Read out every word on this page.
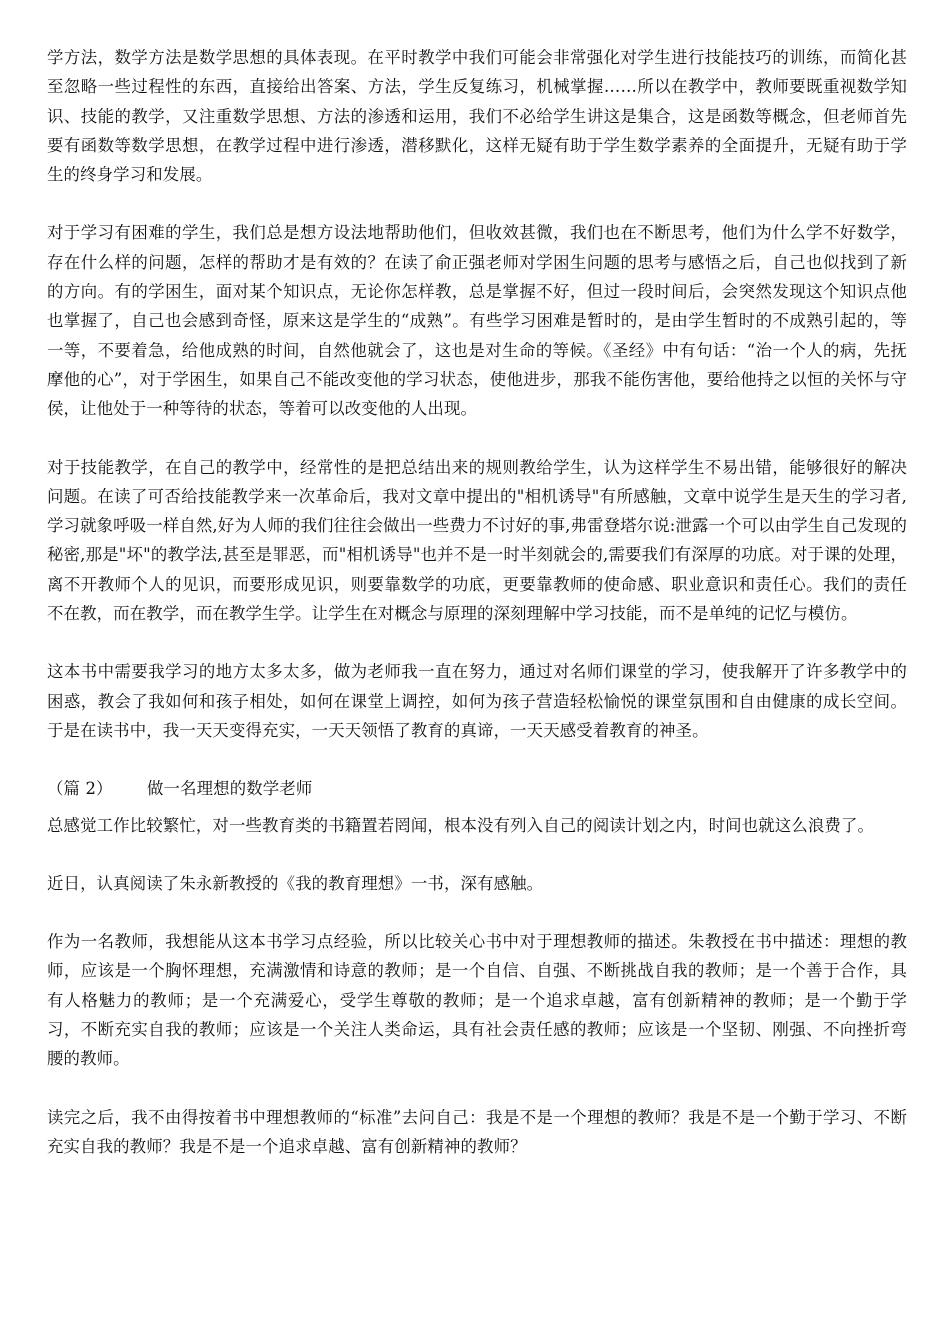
学方法，数学方法是数学思想的具体表现。在平时教学中我们可能会非常强化对学生进行技能技巧的训练，而简化甚至忽略一些过程性的东西，直接给出答案、方法，学生反复练习，机械掌握……所以在教学中，教师要既重视数学知识、技能的教学，又注重数学思想、方法的渗透和运用，我们不必给学生讲这是集合，这是函数等概念，但老师首先要有函数等数学思想，在教学过程中进行渗透，潜移默化，这样无疑有助于学生数学素养的全面提升，无疑有助于学生的终身学习和发展。

对于学习有困难的学生，我们总是想方设法地帮助他们，但收效甚微，我们也在不断思考，他们为什么学不好数学，存在什么样的问题，怎样的帮助才是有效的？在读了俞正强老师对学困生问题的思考与感悟之后，自己也似找到了新的方向。有的学困生，面对某个知识点，无论你怎样教，总是掌握不好，但过一段时间后，会突然发现这个知识点他也掌握了，自己也会感到奇怪，原来这是学生的“成熟”。有些学习困难是暂时的，是由学生暂时的不成熟引起的，等一等，不要着急，给他成熟的时间，自然他就会了，这也是对生命的等候。《圣经》中有句话：“治一个人的病，先抚摩他的心”，对于学困生，如果自己不能改变他的学习状态，使他进步，那我不能伤害他，要给他持之以恒的关怀与守侯，让他处于一种等待的状态，等着可以改变他的人出现。

对于技能教学，在自己的教学中，经常性的是把总结出来的规则教给学生，认为这样学生不易出错，能够很好的解决问题。在读了可否给技能教学来一次革命后，我对文章中提出的"相机诱导"有所感触，文章中说学生是天生的学习者,学习就象呼吸一样自然,好为人师的我们往往会做出一些费力不讨好的事,弗雷登塔尔说:泄露一个可以由学生自己发现的秘密,那是"坏"的教学法,甚至是罪恶，而"相机诱导"也并不是一时半刻就会的,需要我们有深厚的功底。对于课的处理，离不开教师个人的见识，而要形成见识，则要靠数学的功底，更要靠教师的使命感、职业意识和责任心。我们的责任不在教，而在教学，而在教学生学。让学生在对概念与原理的深刻理解中学习技能，而不是单纯的记忆与模仿。

这本书中需要我学习的地方太多太多，做为老师我一直在努力，通过对名师们课堂的学习，使我解开了许多教学中的困惑，教会了我如何和孩子相处，如何在课堂上调控，如何为孩子营造轻松愉悦的课堂氛围和自由健康的成长空间。于是在读书中，我一天天变得充实，一天天领悟了教育的真谛，一天天感受着教育的神圣。

（篇 2） 做一名理想的数学老师

总感觉工作比较繁忙，对一些教育类的书籍置若罔闻，根本没有列入自己的阅读计划之内，时间也就这么浪费了。

近日，认真阅读了朱永新教授的《我的教育理想》一书，深有感触。

作为一名教师，我想能从这本书学习点经验，所以比较关心书中对于理想教师的描述。朱教授在书中描述：理想的教师，应该是一个胸怀理想，充满激情和诗意的教师；是一个自信、自强、不断挑战自我的教师；是一个善于合作，具有人格魅力的教师；是一个充满爱心，受学生尊敬的教师；是一个追求卓越，富有创新精神的教师；是一个勤于学习，不断充实自我的教师；应该是一个关注人类命运，具有社会责任感的教师；应该是一个坚韧、刚强、不向挫折弯腰的教师。

读完之后，我不由得按着书中理想教师的“标准”去问自己：我是不是一个理想的教师？我是不是一个勤于学习、不断充实自我的教师？我是不是一个追求卓越、富有创新精神的教师？
